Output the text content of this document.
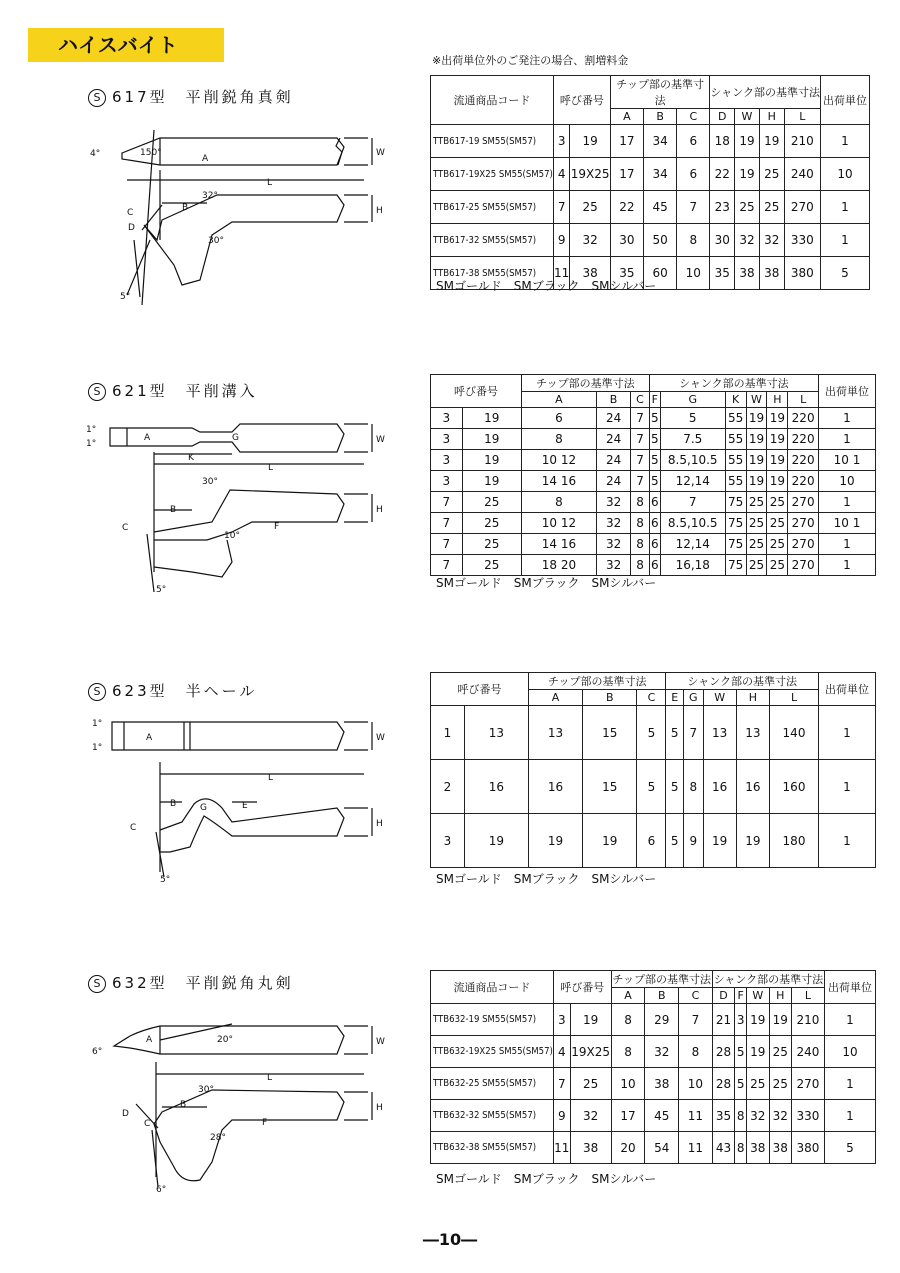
ハイスバイト
※出荷単位外のご発注の場合、割増料金
S 617型　平削鋭角真剣
4°	150°
A
W
L
B
32°
C
D
H
30°
5°
流通商品コード	呼び番号		チップ部の基準寸法			シャンク部の基準寸法				出荷単位
			A	B	C	D	W	H	L	
TTB617-19 SM55(SM57)	3	19	17	34	6	18	19	19	210	1
TTB617-19X25 SM55(SM57)	4	19X25	17	34	6	22	19	25	240	10
TTB617-25 SM55(SM57)	7	25	22	45	7	23	25	25	270	1
TTB617-32 SM55(SM57)	9	32	30	50	8	30	32	32	330	1
TTB617-38 SM55(SM57)	11	38	35	60	10	35	38	38	380	5
SMゴールド　SMブラック　SMシルバー
S 621型　平削溝入
1°
1°
A	G	W
K
L
30°
B
C
H
F
10°
5°
呼び番号		チップ部の基準寸法			シャンク部の基準寸法						出荷単位
		A	B	C	F	G	K	W	H	L	
3	19	6	24	7	5	5	55	19	19	220	1
3	19	8	24	7	5	7.5	55	19	19	220	1
3	19	10 12	24	7	5	8.5,10.5	55	19	19	220	10 1
3	19	14 16	24	7	5	12,14	55	19	19	220	10
7	25	8	32	8	6	7	75	25	25	270	1
7	25	10 12	32	8	6	8.5,10.5	75	25	25	270	10 1
7	25	14 16	32	8	6	12,14	75	25	25	270	1
7	25	18 20	32	8	6	16,18	75	25	25	270	1
SMゴールド　SMブラック　SMシルバー
S 623型　半ヘール
1°
1°
A	W
L
B	G	E
C	H
5°
呼び番号		チップ部の基準寸法			シャンク部の基準寸法					出荷単位
		A	B	C	E	G	W	H	L	
1	13	13	15	5	5	7	13	13	140	1
2	16	16	15	5	5	8	16	16	160	1
3	19	19	19	6	5	9	19	19	180	1
SMゴールド　SMブラック　SMシルバー
S 632型　平削鋭角丸剣
6°
A	20°	W
L
30°
B
D
C
H
F
28°
6°
流通商品コード	呼び番号		チップ部の基準寸法			シャンク部の基準寸法					出荷単位
			A	B	C	D	F	W	H	L	
TTB632-19 SM55(SM57)	3	19	8	29	7	21	3	19	19	210	1
TTB632-19X25 SM55(SM57)	4	19X25	8	32	8	28	5	19	25	240	10
TTB632-25 SM55(SM57)	7	25	10	38	10	28	5	25	25	270	1
TTB632-32 SM55(SM57)	9	32	17	45	11	35	8	32	32	330	1
TTB632-38 SM55(SM57)	11	38	20	54	11	43	8	38	38	380	5
SMゴールド　SMブラック　SMシルバー
―10―
